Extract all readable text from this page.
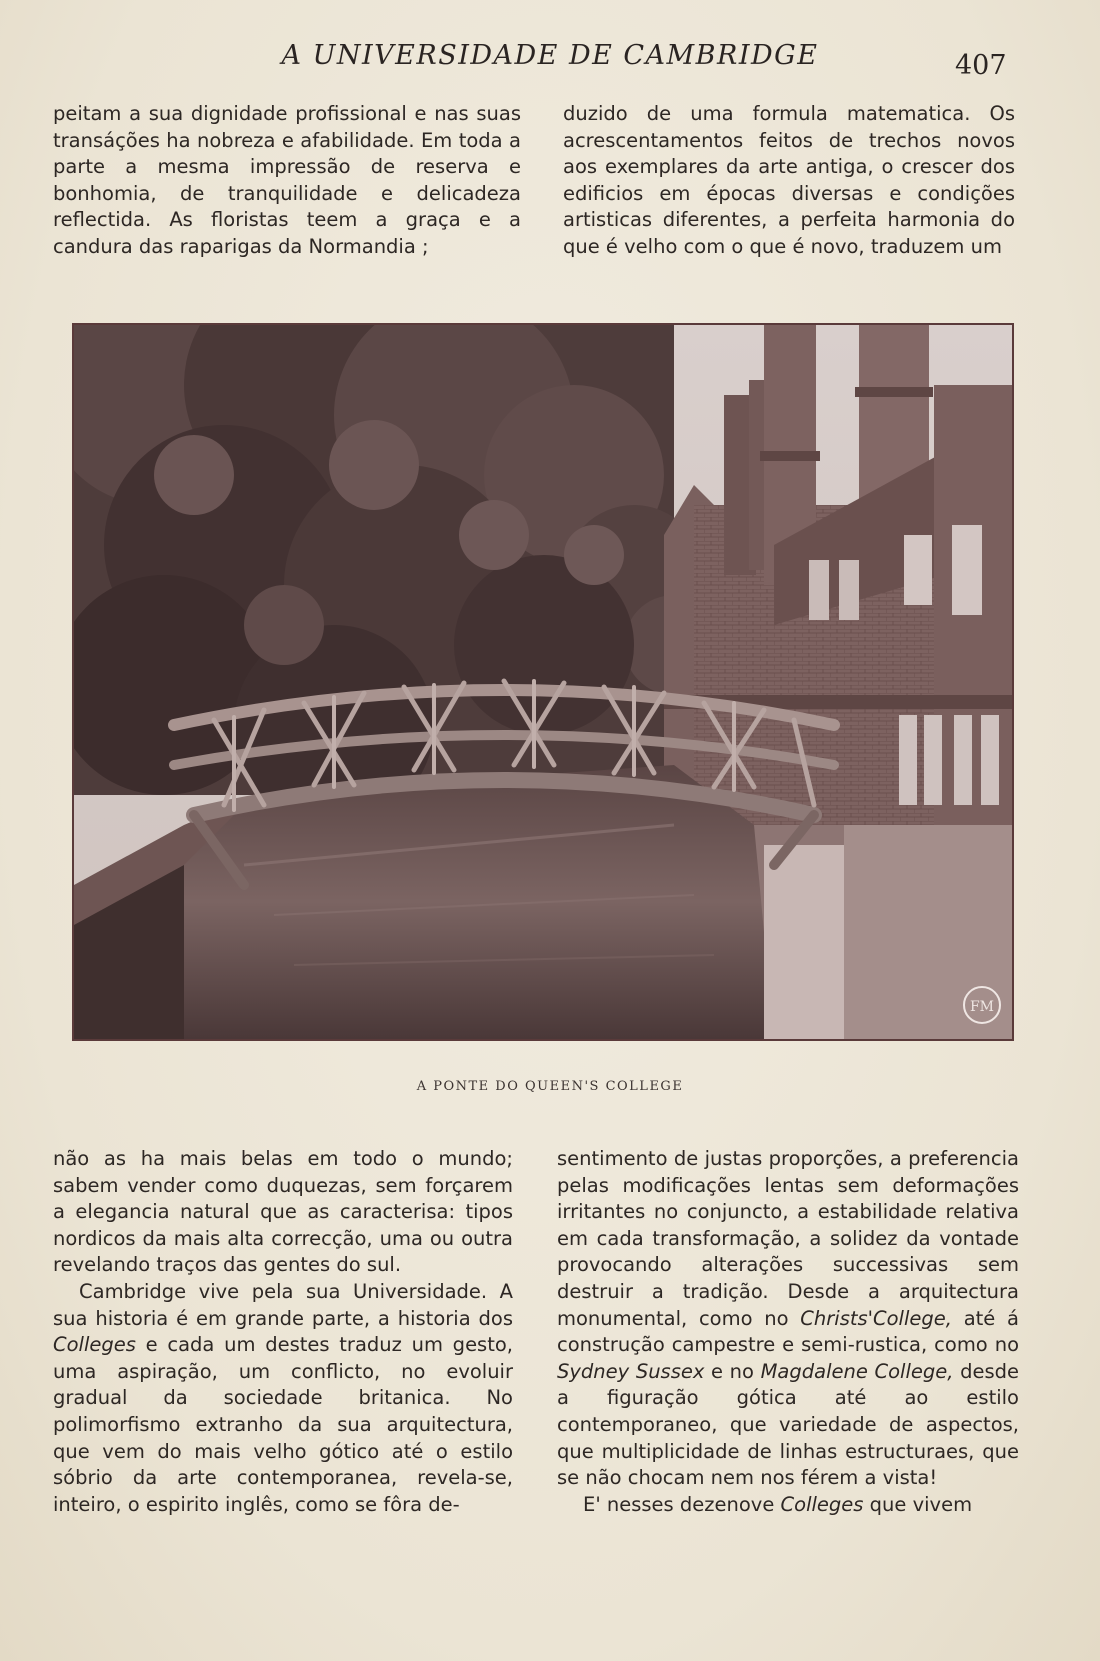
A UNIVERSIDADE DE CAMBRIDGE	407

peitam a sua dignidade profissional e nas suas transáções ha nobreza e afabilidade. Em toda a parte a mesma impressão de reserva e bonhomia, de tranquilidade e delicadeza reflectida. As floristas teem a graça e a candura das raparigas da Normandia ;

duzido de uma formula matematica. Os acrescentamentos feitos de trechos novos aos exemplares da arte antiga, o crescer dos edificios em épocas diversas e condições artisticas diferentes, a perfeita harmonia do que é velho com o que é novo, traduzem um

FM
A PONTE DO QUEEN'S COLLEGE

não as ha mais belas em todo o mundo; sabem vender como duquezas, sem forçarem a elegancia natural que as caracterisa: tipos nordicos da mais alta correcção, uma ou outra revelando traços das gentes do sul.

Cambridge vive pela sua Universidade. A sua historia é em grande parte, a historia dos Colleges e cada um destes traduz um gesto, uma aspiração, um conflicto, no evoluir gradual da sociedade britanica. No polimorfismo extranho da sua arquitectura, que vem do mais velho gótico até o estilo sóbrio da arte contemporanea, revela-se, inteiro, o espirito inglês, como se fôra de-

sentimento de justas proporções, a preferencia pelas modificações lentas sem deformações irritantes no conjuncto, a estabilidade relativa em cada transformação, a solidez da vontade provocando alterações successivas sem destruir a tradição. Desde a arquitectura monumental, como no Christs'College, até á construção campestre e semi-rustica, como no Sydney Sussex e no Magdalene College, desde a figuração gótica até ao estilo contemporaneo, que variedade de aspectos, que multiplicidade de linhas estructuraes, que se não chocam nem nos férem a vista!

E' nesses dezenove Colleges que vivem
